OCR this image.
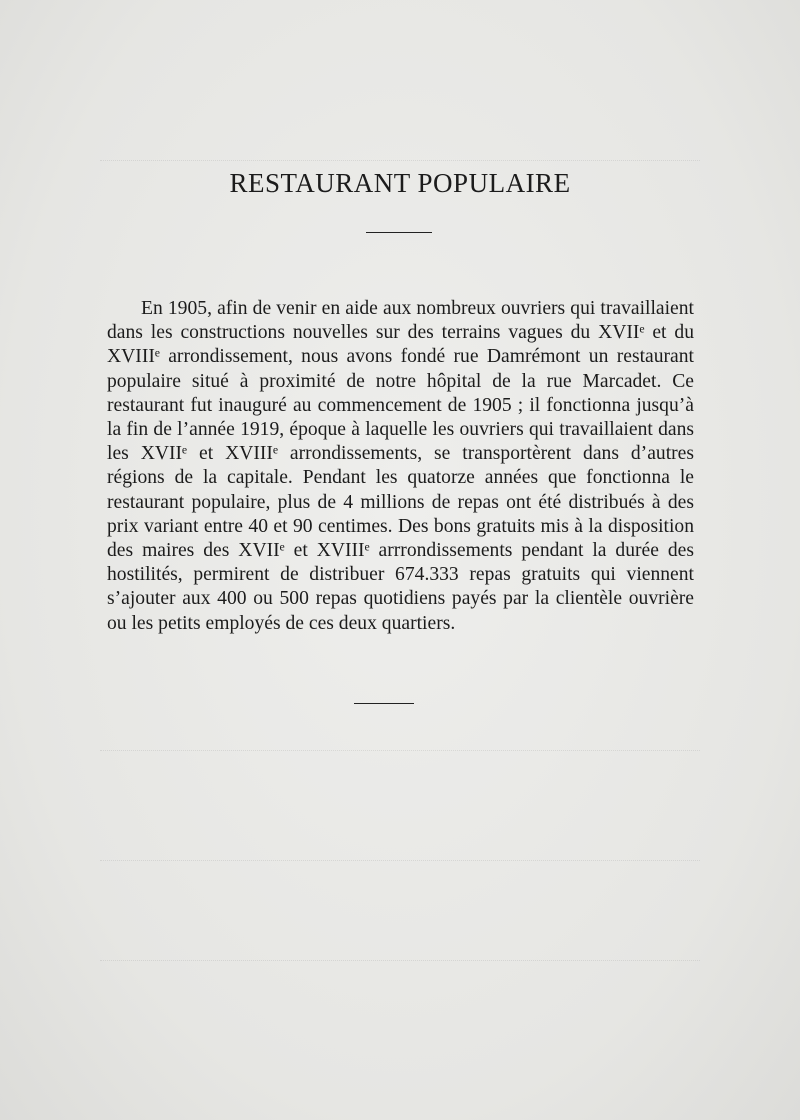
RESTAURANT POPULAIRE

En 1905, afin de venir en aide aux nombreux ouvriers qui travaillaient dans les constructions nouvelles sur des terrains vagues du XVIIᵉ et du XVIIIᵉ arrondissement, nous avons fondé rue Damrémont un restaurant populaire situé à proximité de notre hôpital de la rue Marcadet. Ce restaurant fut inauguré au commencement de 1905 ; il fonctionna jusqu’à la fin de l’année 1919, époque à laquelle les ouvriers qui travaillaient dans les XVIIᵉ et XVIIIᵉ arrondissements, se transportèrent dans d’autres régions de la capitale. Pendant les quatorze années que fonctionna le restaurant populaire, plus de 4 millions de repas ont été distribués à des prix variant entre 40 et 90 centimes. Des bons gratuits mis à la disposition des maires des XVIIᵉ et XVIIIᵉ arrrondissements pendant la durée des hostilités, permirent de distribuer 674.333 repas gratuits qui viennent s’ajouter aux 400 ou 500 repas quotidiens payés par la clientèle ouvrière ou les petits employés de ces deux quartiers.
